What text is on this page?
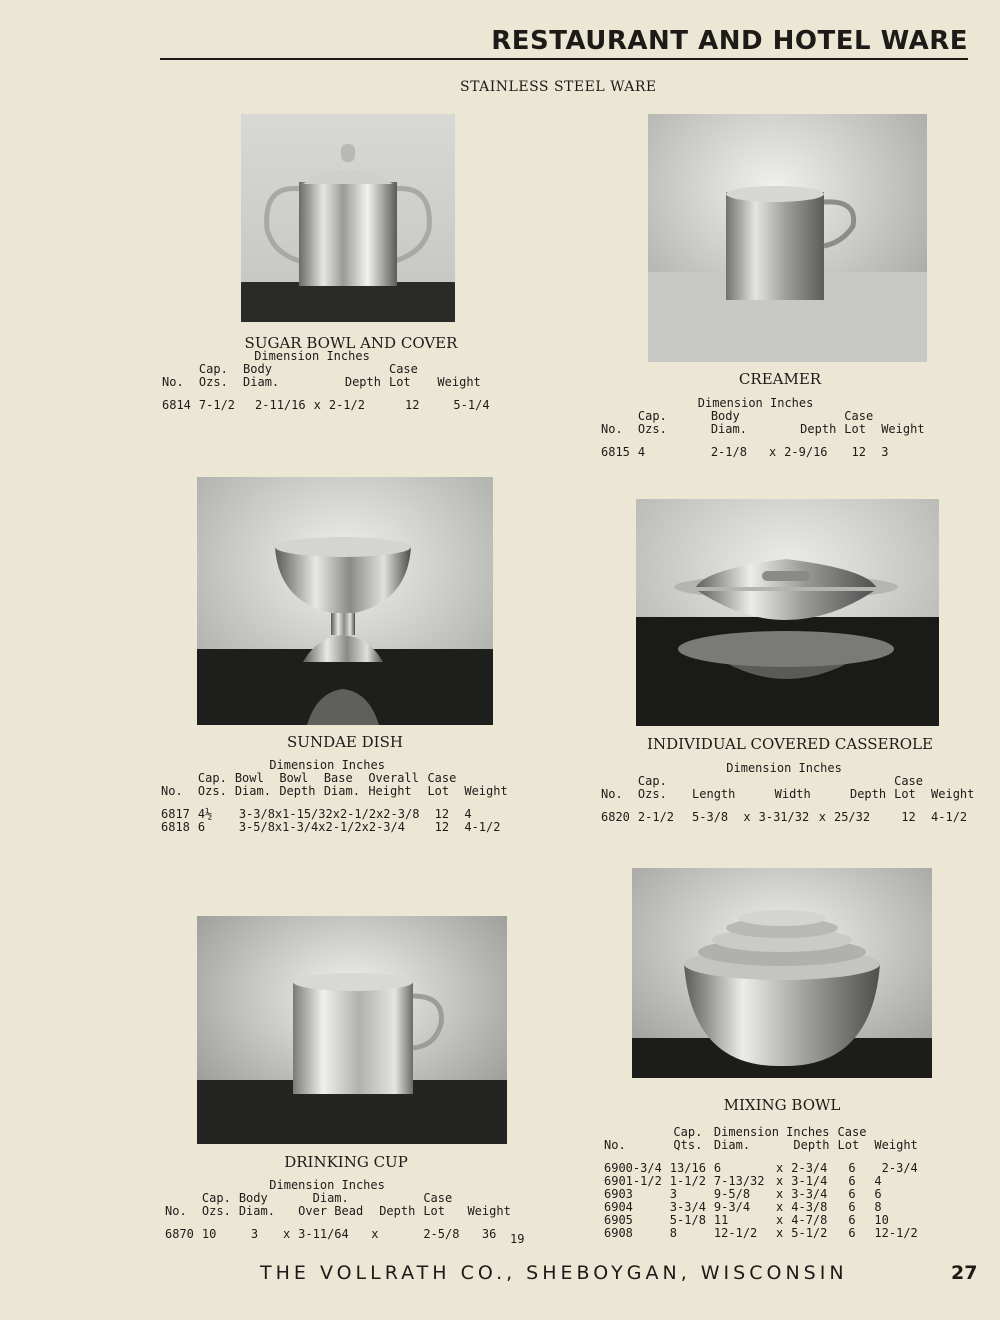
RESTAURANT AND HOTEL WARE
STAINLESS STEEL WARE
SUGAR BOWL AND COVER
		Dimension Inches				
	Cap.	Body			Case	
No.	Ozs.	Diam.		Depth	Lot	Weight

6814	7-1/2	2-11/16	x	2-1/2	12	5-1/4
CREAMER
		Dimension Inches				
	Cap.	Body			Case	
No.	Ozs.	Diam.		Depth	Lot	Weight

6815	4	2-1/8	x	2-9/16	12	3
SUNDAE DISH
		Dimension Inches					
	Cap.	Bowl	Bowl	Base	Overall	Case	
No.	Ozs.	Diam.	Depth	Diam.	Height	Lot	Weight

6817	4½	3-3/8x1-15/32x2-1/2x2-3/8				12	4
6818	6	3-5/8x1-3/4x2-1/2x2-3/4				12	4-1/2
INDIVIDUAL COVERED CASSEROLE
		Dimension Inches						
	Cap.						Case	
No.	Ozs.	Length		Width		Depth	Lot	Weight

6820	2-1/2	5-3/8	x	3-31/32	x	25/32	12	4-1/2
DRINKING CUP
		Dimension Inches					
	Cap.	Body		Diam.		Case	
No.	Ozs.	Diam.		Over Bead	Depth	Lot	Weight

6870	10	3	x	3-11/64	x	2-5/8	36 19
MIXING BOWL
	Cap.	Dimension Inches			Case	
No.	Qts.	Diam.		Depth	Lot	Weight

6900-3/4	13/16	6	x	2-3/4	6	2-3/4
6901-1/2	1-1/2	7-13/32	x	3-1/4	6	4
6903	3	9-5/8	x	3-3/4	6	6
6904	3-3/4	9-3/4	x	4-3/8	6	8
6905	5-1/8	11	x	4-7/8	6	10
6908	8	12-1/2	x	5-1/2	6	12-1/2
THE VOLLRATH CO., SHEBOYGAN, WISCONSIN	27
